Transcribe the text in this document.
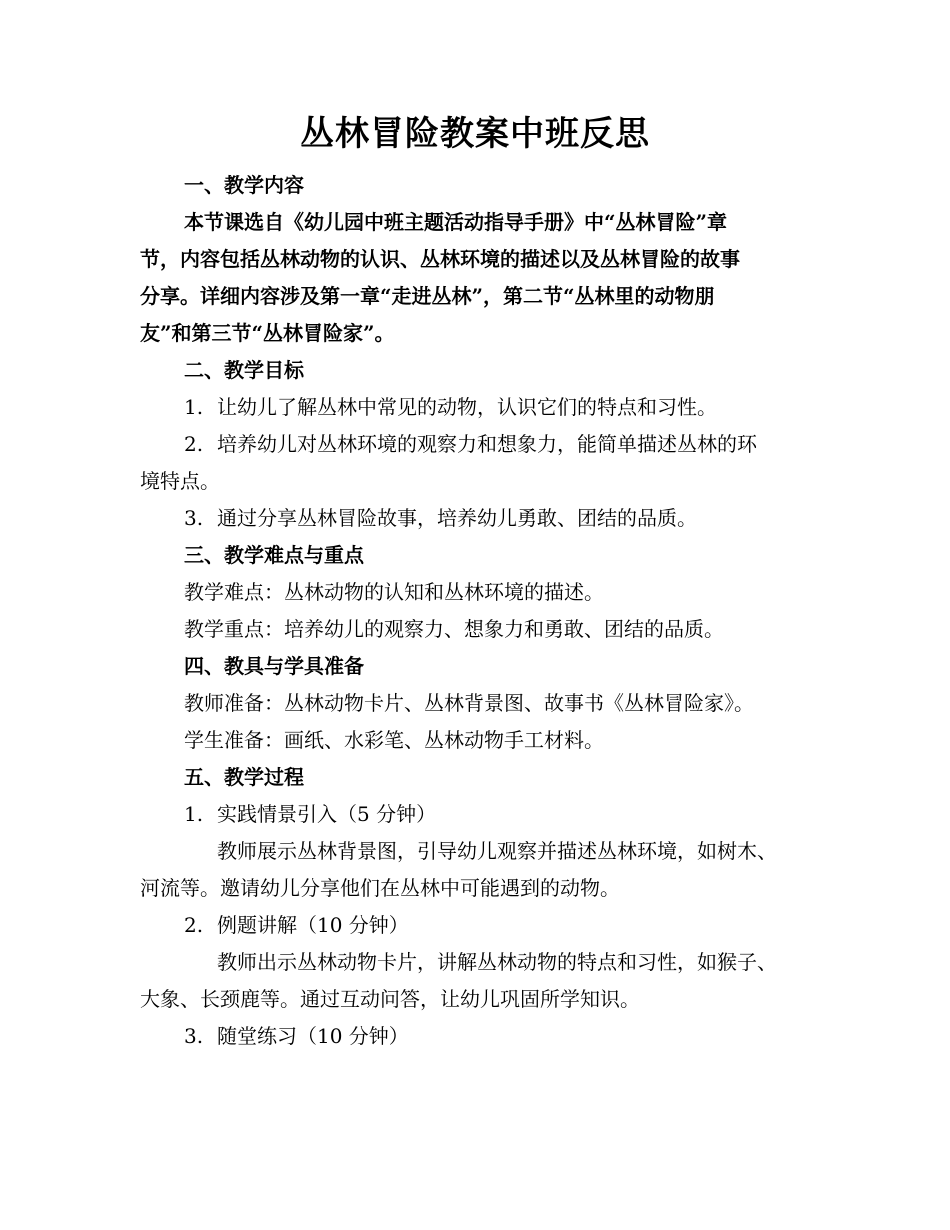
丛林冒险教案中班反思
一、教学内容
本节课选自《幼儿园中班主题活动指导手册》中“丛林冒险”章
节，内容包括丛林动物的认识、丛林环境的描述以及丛林冒险的故事
分享。详细内容涉及第一章“走进丛林”，第二节“丛林里的动物朋
友”和第三节“丛林冒险家”。
二、教学目标
1. 让幼儿了解丛林中常见的动物，认识它们的特点和习性。
2. 培养幼儿对丛林环境的观察力和想象力，能简单描述丛林的环
境特点。
3. 通过分享丛林冒险故事，培养幼儿勇敢、团结的品质。
三、教学难点与重点
教学难点：丛林动物的认知和丛林环境的描述。
教学重点：培养幼儿的观察力、想象力和勇敢、团结的品质。
四、教具与学具准备
教师准备：丛林动物卡片、丛林背景图、故事书《丛林冒险家》。
学生准备：画纸、水彩笔、丛林动物手工材料。
五、教学过程
1. 实践情景引入（5 分钟）
教师展示丛林背景图，引导幼儿观察并描述丛林环境，如树木、
河流等。邀请幼儿分享他们在丛林中可能遇到的动物。
2. 例题讲解（10 分钟）
教师出示丛林动物卡片，讲解丛林动物的特点和习性，如猴子、
大象、长颈鹿等。通过互动问答，让幼儿巩固所学知识。
3. 随堂练习（10 分钟）
